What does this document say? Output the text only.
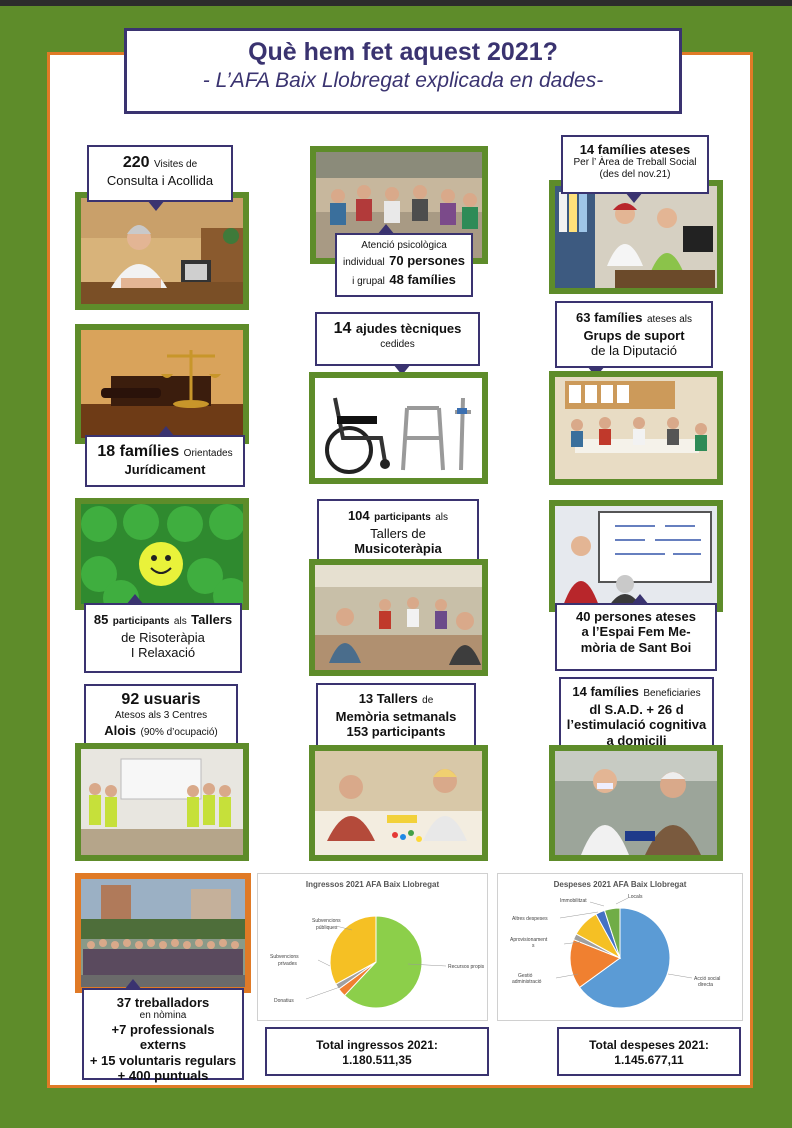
Què hem fet aquest 2021?
- L’AFA Baix Llobregat explicada en dades-
220 Visites de
Consulta i Acollida
Atenció psicològica
individual 70 persones
i grupal 48 famílies
14 famílies ateses
Per l’ Àrea de Treball Social
(des del nov.21)
18 famílies Orientades
Jurídicament
14 ajudes tècniques
cedides
63 famílies ateses als
Grups de suport
de la Diputació
85 participants als Tallers
de Risoteràpia
I Relaxació
104 participants als
Tallers de
Musicoteràpia
40 persones ateses
a l’Espai Fem Me-
mòria de Sant Boi
92 usuaris
Atesos als 3 Centres
Alois (90% d’ocupació)
13 Tallers de
Memòria setmanals
153 participants
14 famílies Beneficiaries
dl S.A.D. + 26 d
l’estimulació cognitiva
a domicili
37 treballadors
en nòmina
+7 professionals externs
+ 15 voluntaris regulars
+ 400 puntuals
Ingressos 2021 AFA Baix Llobregat
Recursos propis
Subvencions
privades
Donatius
Subvencions
públiques
Total ingressos 2021:
1.180.511,35
Despeses 2021 AFA Baix Llobregat
Acció social
directa
Gestió
administració
Aprovisionament
s
Altres despeses
Immobilitzat
Locals
Total despeses 2021:
1.145.677,11
